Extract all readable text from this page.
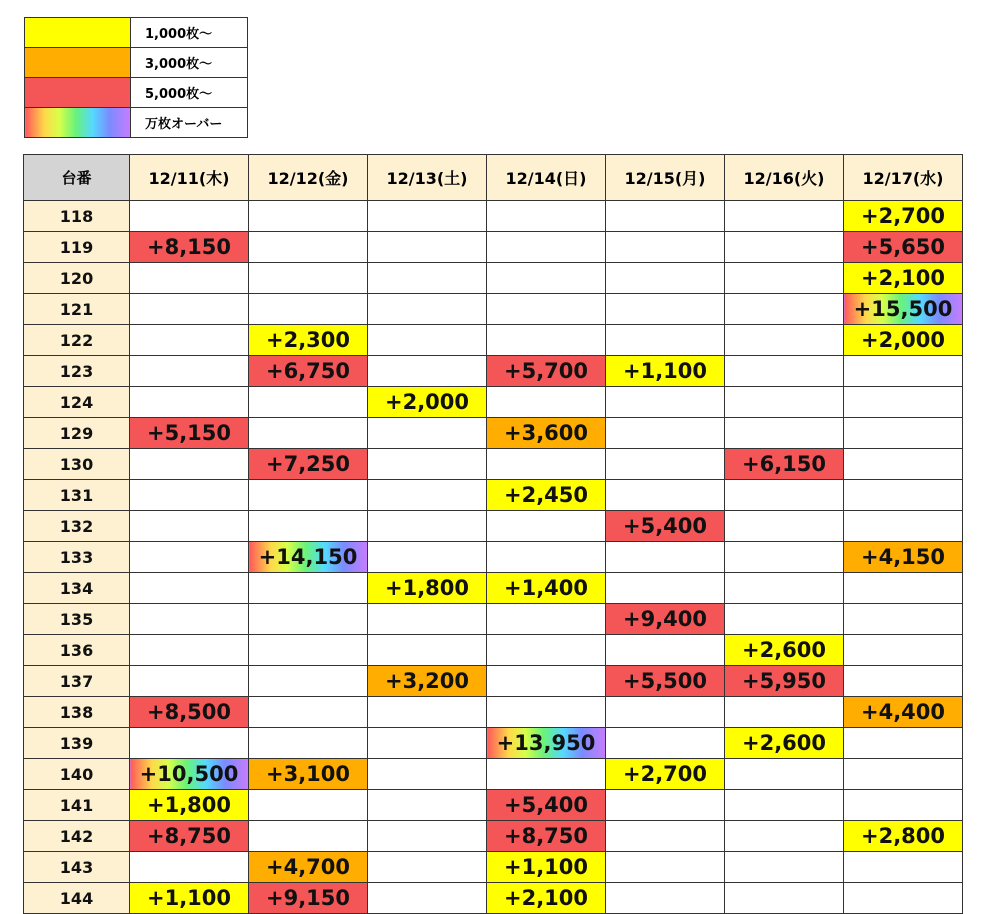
	1,000枚～
	3,000枚～
	5,000枚～
	万枚オーバー
台番	12/11(木)	12/12(金)	12/13(土)	12/14(日)	12/15(月)	12/16(火)	12/17(水)
118							+2,700
119	+8,150						+5,650
120							+2,100
121							+15,500
122		+2,300					+2,000
123		+6,750		+5,700	+1,100		
124			+2,000				
129	+5,150			+3,600			
130		+7,250				+6,150	
131				+2,450			
132					+5,400		
133		+14,150					+4,150
134			+1,800	+1,400			
135					+9,400		
136						+2,600	
137			+3,200		+5,500	+5,950	
138	+8,500						+4,400
139				+13,950		+2,600	
140	+10,500	+3,100			+2,700		
141	+1,800			+5,400			
142	+8,750			+8,750			+2,800
143		+4,700		+1,100			
144	+1,100	+9,150		+2,100			
